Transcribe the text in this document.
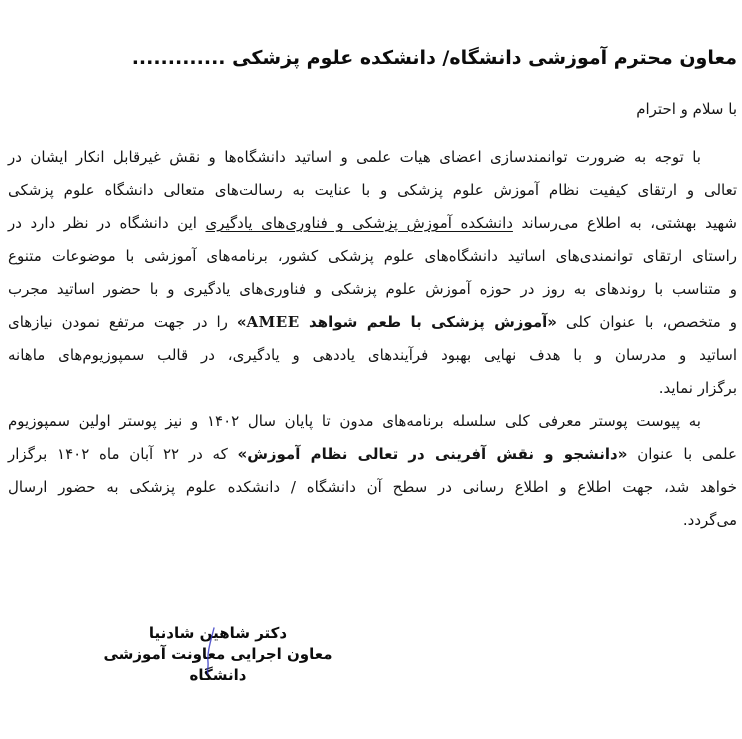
معاون محترم آموزشی دانشگاه/ دانشکده علوم پزشکی .............
با سلام و احترام
با توجه به ضرورت توانمندسازی اعضای هیات علمی و اساتید دانشگاه‌ها و نقش غیرقابل انکار ایشان در
تعالی و ارتقای کیفیت نظام آموزش علوم پزشکی و با عنایت به رسالت‌های متعالی دانشگاه علوم پزشکی
شهید بهشتی، به اطلاع می‌رساند دانشکده آموزش پزشکی و فناوری‌های یادگیری این دانشگاه در نظر دارد در
راستای ارتقای توانمندی‌های اساتید دانشگاه‌های علوم پزشکی کشور، برنامه‌های آموزشی با موضوعات متنوع
و متناسب با روندهای به روز در حوزه آموزش علوم پزشکی و فناوری‌های یادگیری و با حضور اساتید مجرب
و متخصص، با عنوان کلی «آموزش پزشکی با طعم شواهد AMEE» را در جهت مرتفع نمودن نیازهای
اساتید و مدرسان و با هدف نهایی بهبود فرآیندهای یاددهی و یادگیری، در قالب سمپوزیوم‌های ماهانه
برگزار نماید.
به پیوست پوستر معرفی کلی سلسله برنامه‌های مدون تا پایان سال ۱۴۰۲ و نیز پوستر اولین سمپوزیوم
علمی با عنوان «دانشجو و نقش آفرینی در تعالی نظام آموزش» که در ۲۲ آبان ماه ۱۴۰۲ برگزار
خواهد شد، جهت اطلاع و اطلاع رسانی در سطح آن دانشگاه / دانشکده علوم پزشکی به حضور ارسال
می‌گردد.
دکتر شاهین شادنیا
معاون اجرایی معاونت آموزشی دانشگاه
